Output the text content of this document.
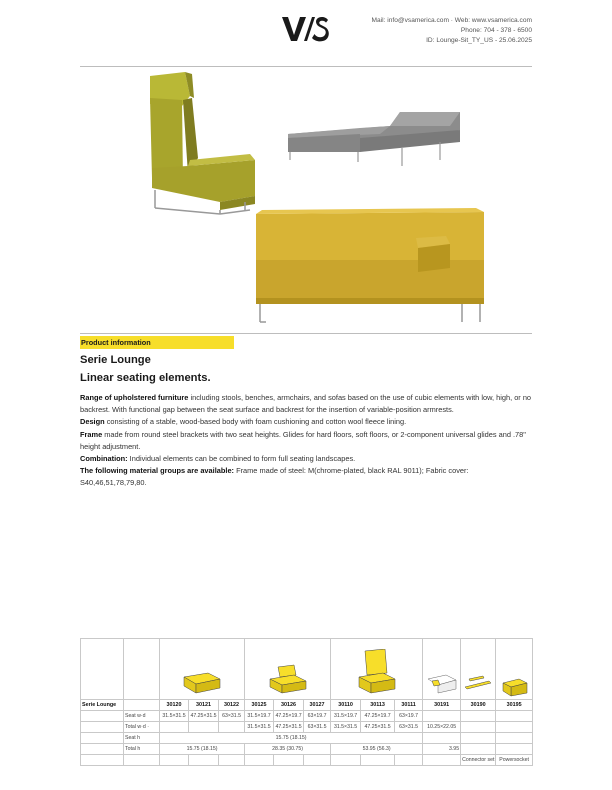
Mail: info@vsamerica.com · Web: www.vsamerica.com
Phone: 704 - 378 - 6500
ID: Lounge-Sit_TY_US - 25.06.2025
Product information
Serie Lounge
Linear seating elements.

Range of upholstered furniture including stools, benches, armchairs, and sofas based on the use of cubic elements with low, high, or no backrest. With functional gap between the seat surface and backrest for the insertion of variable-position armrests.

Design consisting of a stable, wood-based body with foam cushioning and cotton wool fleece lining.

Frame made from round steel brackets with two seat heights. Glides for hard floors, soft floors, or 2-component universal glides and .78" height adjustment.

Combination: Individual elements can be combined to form full seating landscapes.

The following material groups are available: Frame made of steel: M(chrome-plated, black RAL 9011); Fabric cover: S40,46,51,78,79,80.

Serie Lounge		30120	30121	30122	30125	30126	30127	30110	30113	30111	30191	30190	30195
	Seat w·d	31.5×31.5	47.25×31.5	63×31.5	31.5×19.7	47.25×19.7	63×19.7	31.5×19.7	47.25×19.7	63×19.7			
	Total w·d ·				31.5×31.5	47.25×31.5	63×31.5	31.5×31.5	47.25×31.5	63×31.5	10.25×22.05		
	Seat h	15.75 (18.15)											
	Total h	15.75 (18.15)			28.35 (30.75)			53.95 (56.3)			3.95		
												Connector set	Powersocket
